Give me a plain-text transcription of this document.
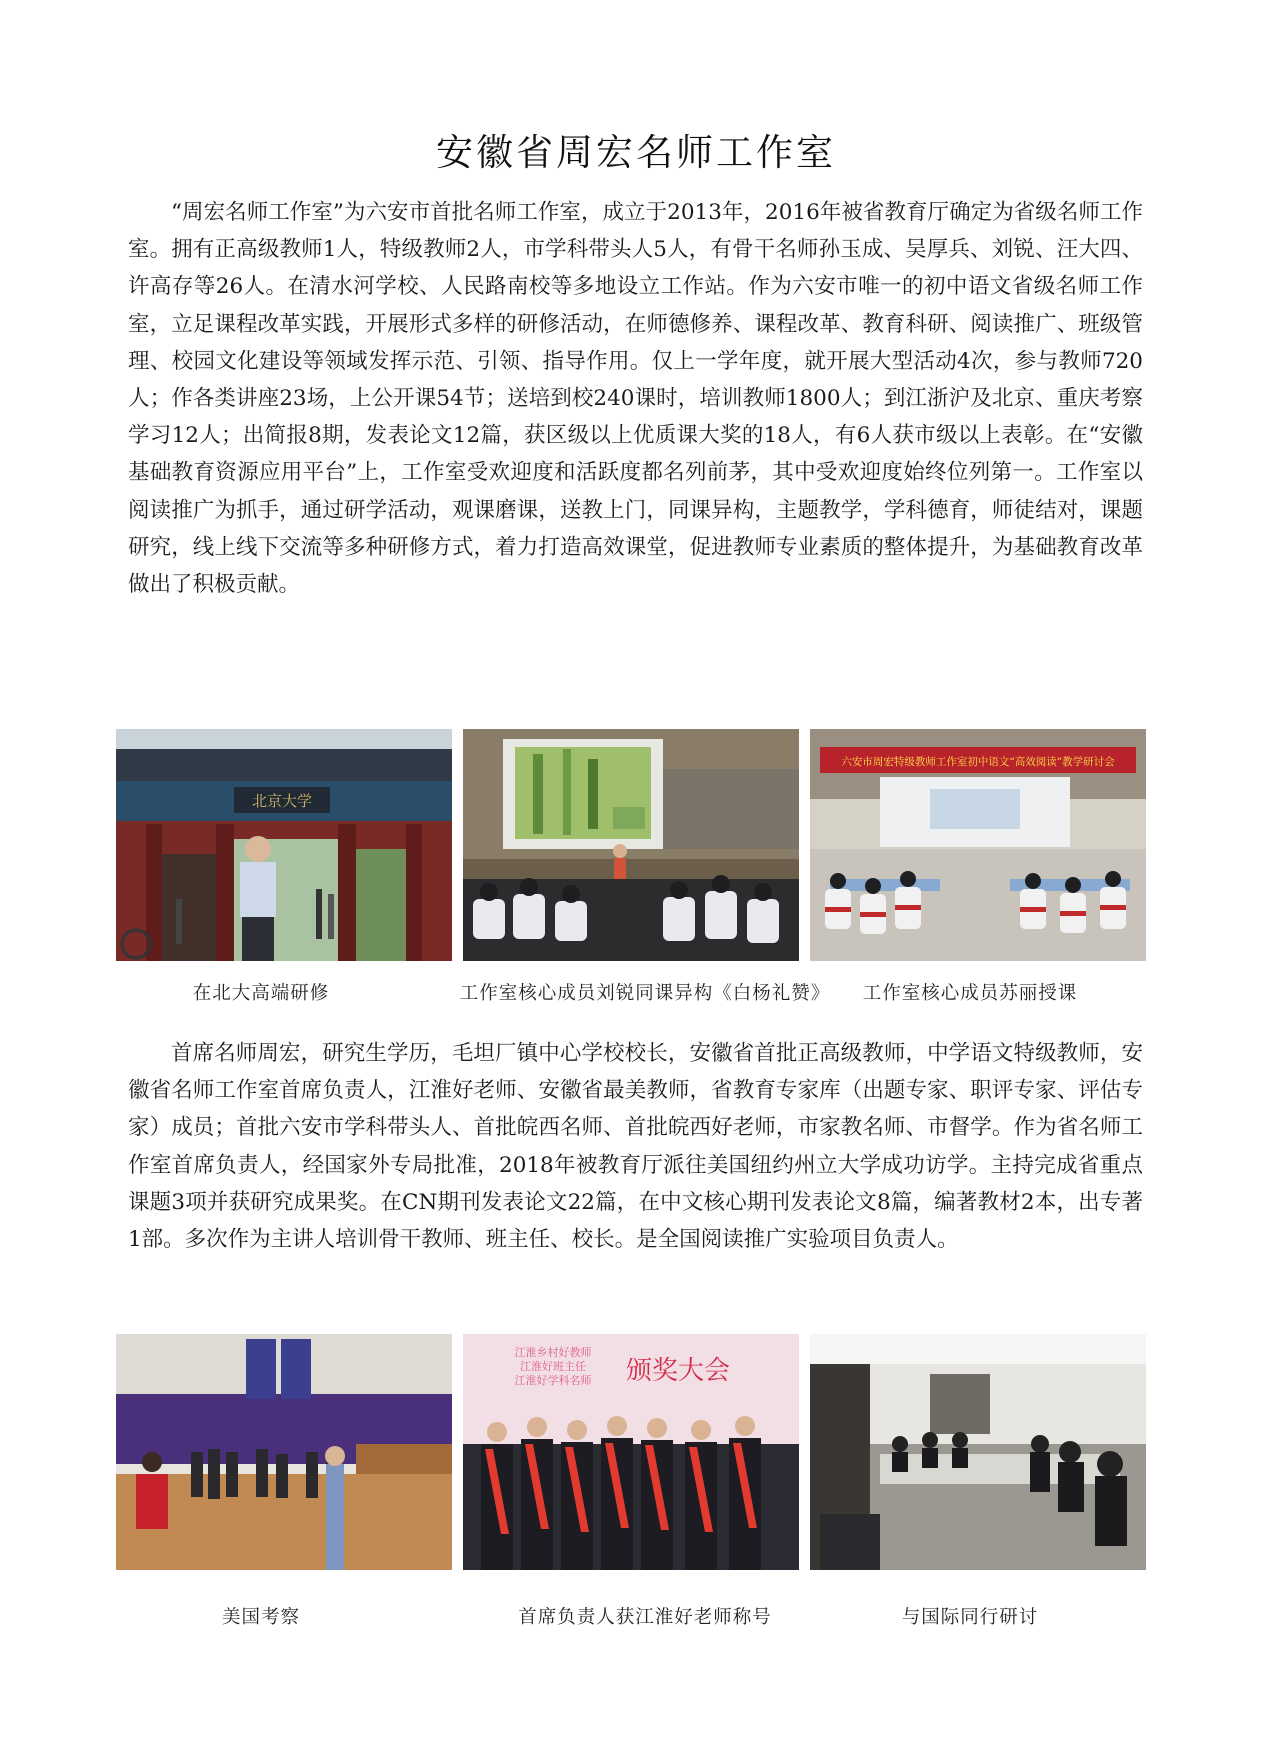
安徽省周宏名师工作室

“周宏名师工作室”为六安市首批名师工作室，成立于2013年，2016年被省教育厅确定为省级名师工作室。拥有正高级教师1人，特级教师2人，市学科带头人5人，有骨干名师孙玉成、吴厚兵、刘锐、汪大四、许高存等26人。在清水河学校、人民路南校等多地设立工作站。作为六安市唯一的初中语文省级名师工作室，立足课程改革实践，开展形式多样的研修活动，在师德修养、课程改革、教育科研、阅读推广、班级管理、校园文化建设等领域发挥示范、引领、指导作用。仅上一学年度，就开展大型活动4次，参与教师720人；作各类讲座23场，上公开课54节；送培到校240课时，培训教师1800人；到江浙沪及北京、重庆考察学习12人；出简报8期，发表论文12篇，获区级以上优质课大奖的18人，有6人获市级以上表彰。在“安徽基础教育资源应用平台”上，工作室受欢迎度和活跃度都名列前茅，其中受欢迎度始终位列第一。工作室以阅读推广为抓手，通过研学活动，观课磨课，送教上门，同课异构，主题教学，学科德育，师徒结对，课题研究，线上线下交流等多种研修方式，着力打造高效课堂，促进教师专业素质的整体提升，为基础教育改革做出了积极贡献。

北京大学
六安市周宏特级教师工作室初中语文“高效阅读”教学研讨会
在北大高端研修	工作室核心成员刘锐同课异构《白杨礼赞》	工作室核心成员苏丽授课

首席名师周宏，研究生学历，毛坦厂镇中心学校校长，安徽省首批正高级教师，中学语文特级教师，安徽省名师工作室首席负责人，江淮好老师、安徽省最美教师，省教育专家库（出题专家、职评专家、评估专家）成员；首批六安市学科带头人、首批皖西名师、首批皖西好老师，市家教名师、市督学。作为省名师工作室首席负责人，经国家外专局批准，2018年被教育厅派往美国纽约州立大学成功访学。主持完成省重点课题3项并获研究成果奖。在CN期刊发表论文22篇，在中文核心期刊发表论文8篇，编著教材2本，出专著1部。多次作为主讲人培训骨干教师、班主任、校长。是全国阅读推广实验项目负责人。

江淮乡村好教师
江淮好班主任
江淮好学科名师 颁奖大会
美国考察	首席负责人获江淮好老师称号	与国际同行研讨
